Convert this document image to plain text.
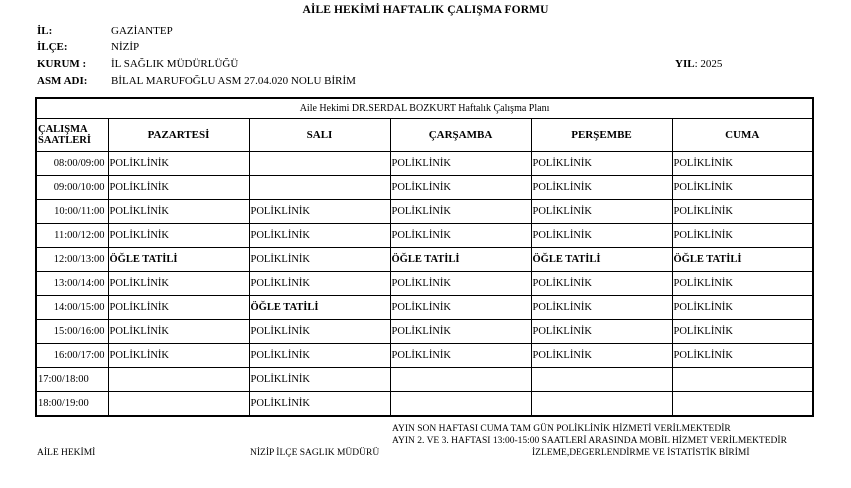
AİLE HEKİMİ HAFTALIK ÇALIŞMA FORMU
İL:	GAZİANTEP
İLÇE:	NİZİP
KURUM : İL SAĞLIK MÜDÜRLÜĞÜ
ASM ADI: BİLAL MARUFOĞLU ASM 27.04.020 NOLU BİRİM
YIL: 2025
Aile Hekimi DR.SERDAL BOZKURT Haftalık Çalışma Planı					
ÇALIŞMA SAATLERİ	PAZARTESİ	SALI	ÇARŞAMBA	PERŞEMBE	CUMA
08:00/09:00	POLİKLİNİK		POLİKLİNİK	POLİKLİNİK	POLİKLİNİK
09:00/10:00	POLİKLİNİK		POLİKLİNİK	POLİKLİNİK	POLİKLİNİK
10:00/11:00	POLİKLİNİK	POLİKLİNİK	POLİKLİNİK	POLİKLİNİK	POLİKLİNİK
11:00/12:00	POLİKLİNİK	POLİKLİNİK	POLİKLİNİK	POLİKLİNİK	POLİKLİNİK
12:00/13:00	ÖĞLE TATİLİ	POLİKLİNİK	ÖĞLE TATİLİ	ÖĞLE TATİLİ	ÖĞLE TATİLİ
13:00/14:00	POLİKLİNİK	POLİKLİNİK	POLİKLİNİK	POLİKLİNİK	POLİKLİNİK
14:00/15:00	POLİKLİNİK	ÖĞLE TATİLİ	POLİKLİNİK	POLİKLİNİK	POLİKLİNİK
15:00/16:00	POLİKLİNİK	POLİKLİNİK	POLİKLİNİK	POLİKLİNİK	POLİKLİNİK
16:00/17:00	POLİKLİNİK	POLİKLİNİK	POLİKLİNİK	POLİKLİNİK	POLİKLİNİK
17:00/18:00		POLİKLİNİK			
18:00/19:00		POLİKLİNİK			
AYIN SON HAFTASI CUMA TAM GÜN POLİKLİNİK HİZMETİ VERİLMEKTEDİR
AYIN 2. VE 3. HAFTASI 13:00-15:00 SAATLERİ ARASINDA MOBİL HİZMET VERİLMEKTEDİR
AİLE HEKİMİ	NİZİP İLÇE SAGLIK MÜDÜRÜ	İZLEME,DEGERLENDİRME VE İSTATİSTİK BİRİMİ
